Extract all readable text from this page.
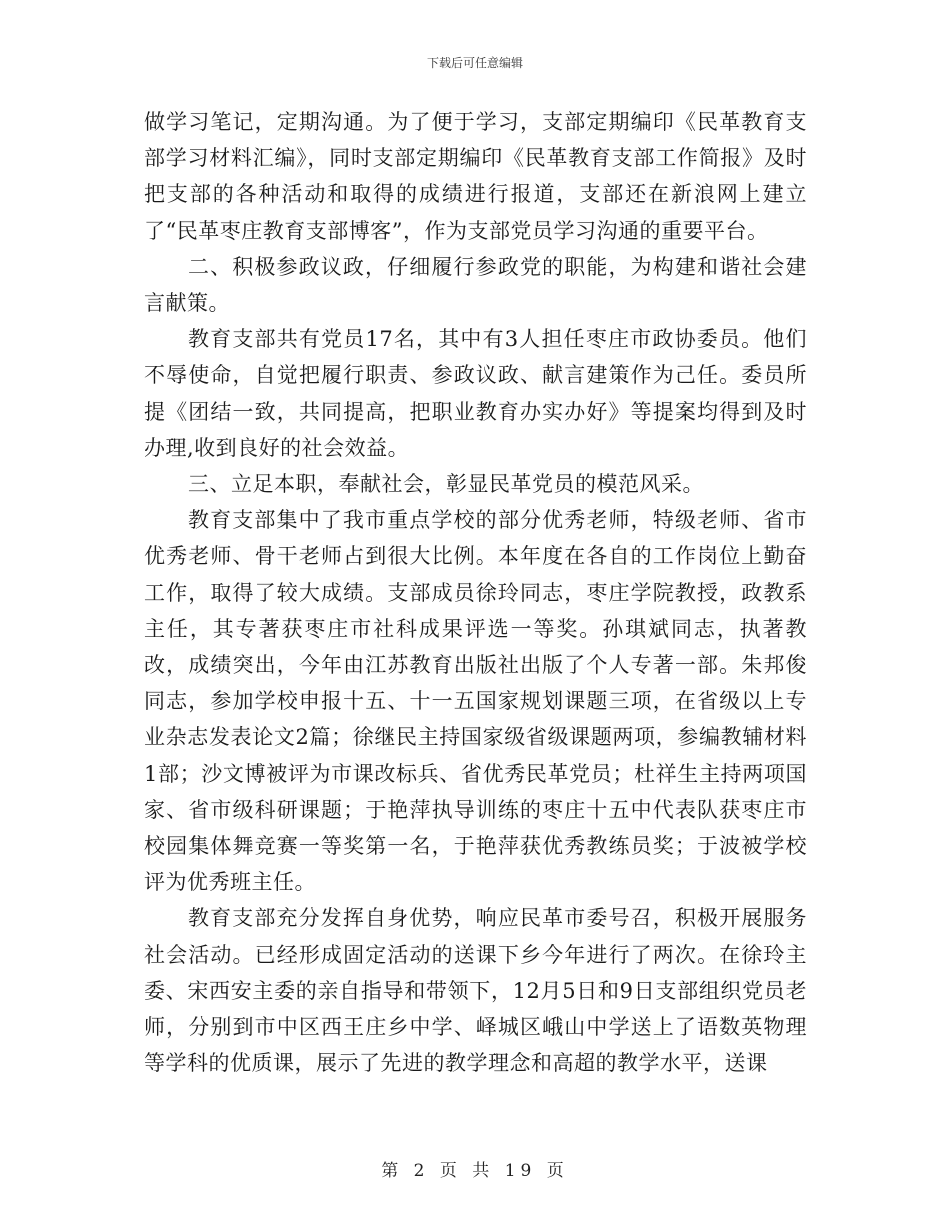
下载后可任意编辑

做学习笔记，定期沟通。为了便于学习，支部定期编印《民革教育支部学习材料汇编》，同时支部定期编印《民革教育支部工作简报》及时把支部的各种活动和取得的成绩进行报道，支部还在新浪网上建立了“民革枣庄教育支部博客”，作为支部党员学习沟通的重要平台。

二、积极参政议政，仔细履行参政党的职能，为构建和谐社会建言献策。

教育支部共有党员17名，其中有3人担任枣庄市政协委员。他们不辱使命，自觉把履行职责、参政议政、献言建策作为己任。委员所提《团结一致，共同提高，把职业教育办实办好》等提案均得到及时办理,收到良好的社会效益。

三、立足本职，奉献社会，彰显民革党员的模范风采。

教育支部集中了我市重点学校的部分优秀老师，特级老师、省市优秀老师、骨干老师占到很大比例。本年度在各自的工作岗位上勤奋工作，取得了较大成绩。支部成员徐玲同志，枣庄学院教授，政教系主任，其专著获枣庄市社科成果评选一等奖。孙琪斌同志，执著教改，成绩突出，今年由江苏教育出版社出版了个人专著一部。朱邦俊同志，参加学校申报十五、十一五国家规划课题三项，在省级以上专业杂志发表论文2篇；徐继民主持国家级省级课题两项，参编教辅材料1部；沙文博被评为市课改标兵、省优秀民革党员；杜祥生主持两项国家、省市级科研课题；于艳萍执导训练的枣庄十五中代表队获枣庄市校园集体舞竞赛一等奖第一名，于艳萍获优秀教练员奖；于波被学校评为优秀班主任。

教育支部充分发挥自身优势，响应民革市委号召，积极开展服务社会活动。已经形成固定活动的送课下乡今年进行了两次。在徐玲主委、宋西安主委的亲自指导和带领下，12月5日和9日支部组织党员老师，分别到市中区西王庄乡中学、峄城区峨山中学送上了语数英物理等学科的优质课，展示了先进的教学理念和高超的教学水平，送课

第 2 页 共 19 页
